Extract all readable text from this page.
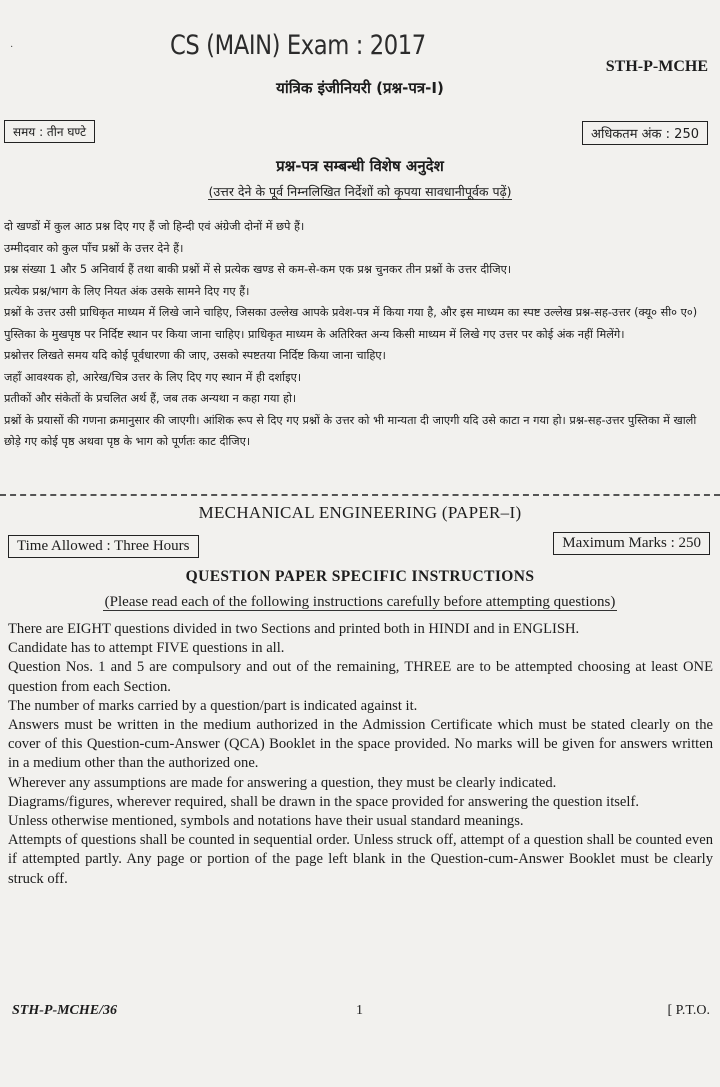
·	CS (MAIN) Exam : 2017
STH-P-MCHE
यांत्रिक इंजीनियरी (प्रश्न-पत्र-I)
समय : तीन घण्टे	अधिकतम अंक : 250
प्रश्न-पत्र सम्बन्धी विशेष अनुदेश
(उत्तर देने के पूर्व निम्नलिखित निर्देशों को कृपया सावधानीपूर्वक पढ़ें)

दो खण्डों में कुल आठ प्रश्न दिए गए हैं जो हिन्दी एवं अंग्रेजी दोनों में छपे हैं।

उम्मीदवार को कुल पाँच प्रश्नों के उत्तर देने हैं।

प्रश्न संख्या 1 और 5 अनिवार्य हैं तथा बाकी प्रश्नों में से प्रत्येक खण्ड से कम-से-कम एक प्रश्न चुनकर तीन प्रश्नों के उत्तर दीजिए।

प्रत्येक प्रश्न/भाग के लिए नियत अंक उसके सामने दिए गए हैं।

प्रश्नों के उत्तर उसी प्राधिकृत माध्यम में लिखे जाने चाहिए, जिसका उल्लेख आपके प्रवेश-पत्र में किया गया है, और इस माध्यम का स्पष्ट उल्लेख प्रश्न-सह-उत्तर (क्यू० सी० ए०) पुस्तिका के मुखपृष्ठ पर निर्दिष्ट स्थान पर किया जाना चाहिए। प्राधिकृत माध्यम के अतिरिक्त अन्य किसी माध्यम में लिखे गए उत्तर पर कोई अंक नहीं मिलेंगे।

प्रश्नोत्तर लिखते समय यदि कोई पूर्वधारणा की जाए, उसको स्पष्टतया निर्दिष्ट किया जाना चाहिए।

जहाँ आवश्यक हो, आरेख/चित्र उत्तर के लिए दिए गए स्थान में ही दर्शाइए।

प्रतीकों और संकेतों के प्रचलित अर्थ हैं, जब तक अन्यथा न कहा गया हो।

प्रश्नों के प्रयासों की गणना क्रमानुसार की जाएगी। आंशिक रूप से दिए गए प्रश्नों के उत्तर को भी मान्यता दी जाएगी यदि उसे काटा न गया हो। प्रश्न-सह-उत्तर पुस्तिका में खाली छोड़े गए कोई पृष्ठ अथवा पृष्ठ के भाग को पूर्णतः काट दीजिए।

MECHANICAL ENGINEERING (PAPER–I)
Time Allowed : Three Hours	Maximum Marks : 250
QUESTION PAPER SPECIFIC INSTRUCTIONS
(Please read each of the following instructions carefully before attempting questions)

There are EIGHT questions divided in two Sections and printed both in HINDI and in ENGLISH.

Candidate has to attempt FIVE questions in all.

Question Nos. 1 and 5 are compulsory and out of the remaining, THREE are to be attempted choosing at least ONE question from each Section.

The number of marks carried by a question/part is indicated against it.

Answers must be written in the medium authorized in the Admission Certificate which must be stated clearly on the cover of this Question-cum-Answer (QCA) Booklet in the space provided. No marks will be given for answers written in a medium other than the authorized one.

Wherever any assumptions are made for answering a question, they must be clearly indicated.

Diagrams/figures, wherever required, shall be drawn in the space provided for answering the question itself.

Unless otherwise mentioned, symbols and notations have their usual standard meanings.

Attempts of questions shall be counted in sequential order. Unless struck off, attempt of a question shall be counted even if attempted partly. Any page or portion of the page left blank in the Question-cum-Answer Booklet must be clearly struck off.

STH-P-MCHE/36	1	[ P.T.O.
